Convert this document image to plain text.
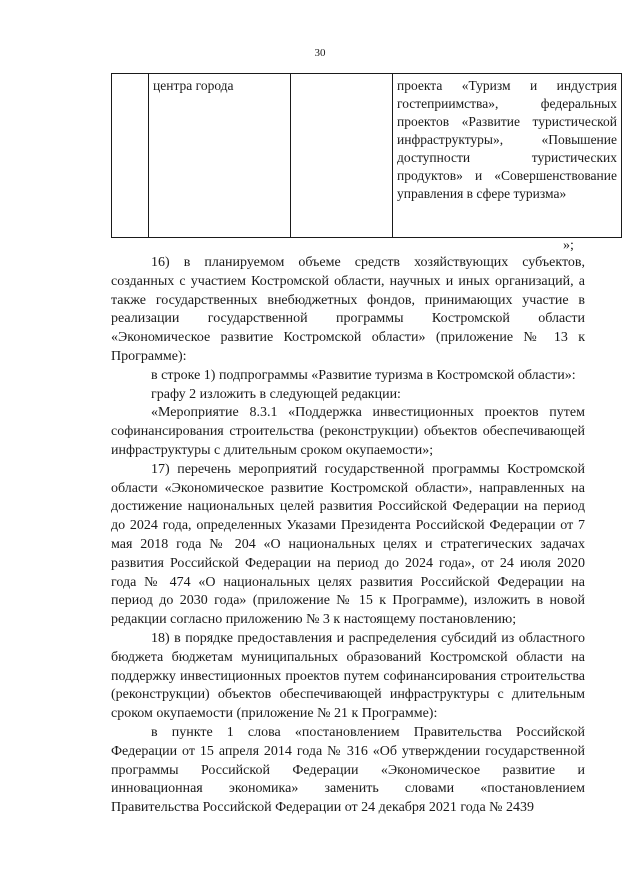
30

центра города		проекта «Туризм и индустрия гостеприимства», федеральных проектов «Развитие туристической инфраструктуры», «Повышение доступности туристических продуктов» и «Совершенствование управления в сфере туризма»
»;

16) в планируемом объеме средств хозяйствующих субъектов, созданных с участием Костромской области, научных и иных организаций, а также государственных внебюджетных фондов, принимающих участие в реализации государственной программы Костромской области «Экономическое развитие Костромской области» (приложение № 13 к Программе):

в строке 1) подпрограммы «Развитие туризма в Костромской области»:

графу 2 изложить в следующей редакции:

«Мероприятие 8.3.1 «Поддержка инвестиционных проектов путем софинансирования строительства (реконструкции) объектов обеспечивающей инфраструктуры с длительным сроком окупаемости»;

17) перечень мероприятий государственной программы Костромской области «Экономическое развитие Костромской области», направленных на достижение национальных целей развития Российской Федерации на период до 2024 года, определенных Указами Президента Российской Федерации от 7 мая 2018 года № 204 «О национальных целях и стратегических задачах развития Российской Федерации на период до 2024 года», от 24 июля 2020 года № 474 «О национальных целях развития Российской Федерации на период до 2030 года» (приложение № 15 к Программе), изложить в новой редакции согласно приложению № 3 к настоящему постановлению;

18) в порядке предоставления и распределения субсидий из областного бюджета бюджетам муниципальных образований Костромской области на поддержку инвестиционных проектов путем софинансирования строительства (реконструкции) объектов обеспечивающей инфраструктуры с длительным сроком окупаемости (приложение № 21 к Программе):

в пункте 1 слова «постановлением Правительства Российской Федерации от 15 апреля 2014 года № 316 «Об утверждении государственной программы Российской Федерации «Экономическое развитие и инновационная экономика» заменить словами «постановлением Правительства Российской Федерации от 24 декабря 2021 года № 2439
